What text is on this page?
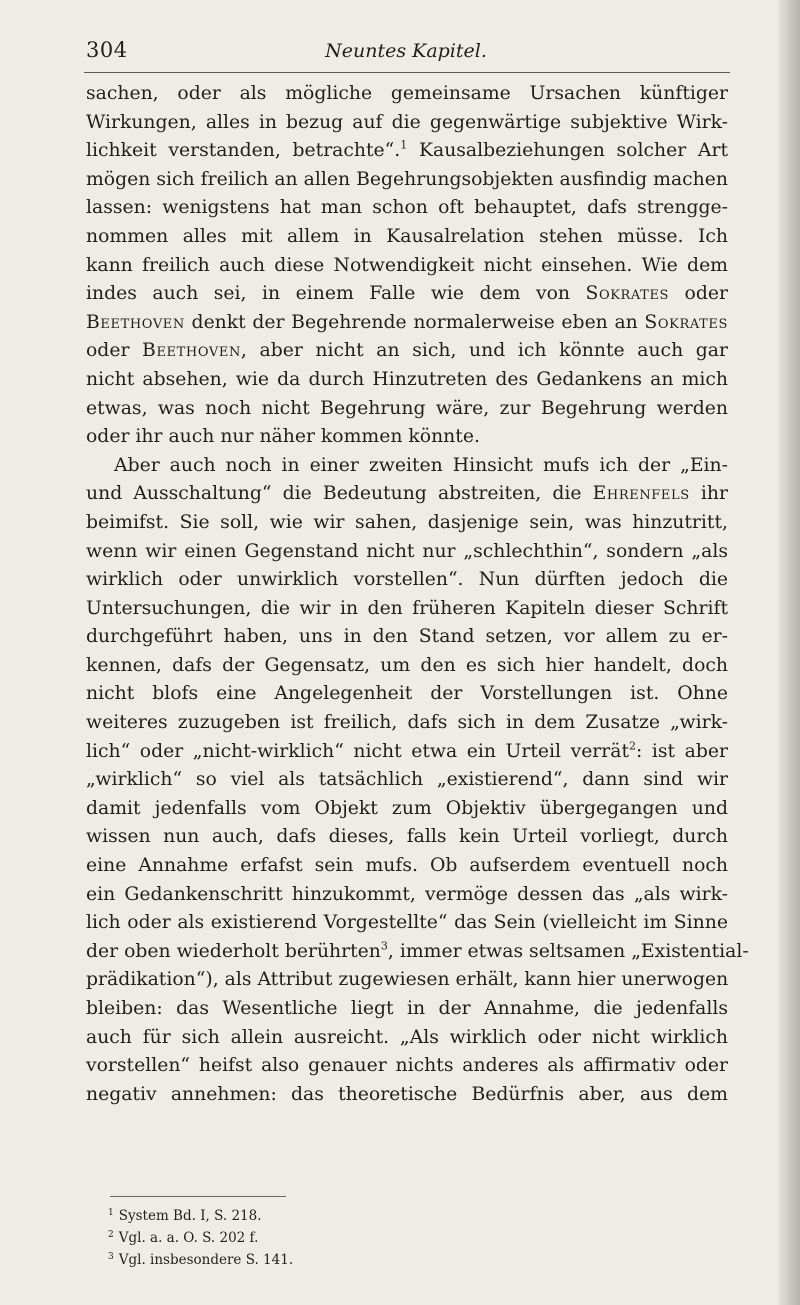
304	Neuntes Kapitel.
sachen, oder als mögliche gemeinsame Ursachen künftiger
Wirkungen, alles in bezug auf die gegenwärtige subjektive Wirk-
lichkeit verstanden, betrachte“.$^1$ Kausalbeziehungen solcher Art
mögen sich freilich an allen Begehrungsobjekten ausfindig machen
lassen: wenigstens hat man schon oft behauptet, dafs strengge-
nommen alles mit allem in Kausalrelation stehen müsse. Ich
kann freilich auch diese Notwendigkeit nicht einsehen. Wie dem
indes auch sei, in einem Falle wie dem von Sokrates oder
Beethoven denkt der Begehrende normalerweise eben an Sokrates
oder Beethoven, aber nicht an sich, und ich könnte auch gar
nicht absehen, wie da durch Hinzutreten des Gedankens an mich
etwas, was noch nicht Begehrung wäre, zur Begehrung werden
oder ihr auch nur näher kommen könnte.
Aber auch noch in einer zweiten Hinsicht mufs ich der „Ein-
und Ausschaltung“ die Bedeutung abstreiten, die Ehrenfels ihr
beimifst. Sie soll, wie wir sahen, dasjenige sein, was hinzutritt,
wenn wir einen Gegenstand nicht nur „schlechthin“, sondern „als
wirklich oder unwirklich vorstellen“. Nun dürften jedoch die
Untersuchungen, die wir in den früheren Kapiteln dieser Schrift
durchgeführt haben, uns in den Stand setzen, vor allem zu er-
kennen, dafs der Gegensatz, um den es sich hier handelt, doch
nicht blofs eine Angelegenheit der Vorstellungen ist. Ohne
weiteres zuzugeben ist freilich, dafs sich in dem Zusatze „wirk-
lich“ oder „nicht-wirklich“ nicht etwa ein Urteil verrät$^2$: ist aber
„wirklich“ so viel als tatsächlich „existierend“, dann sind wir
damit jedenfalls vom Objekt zum Objektiv übergegangen und
wissen nun auch, dafs dieses, falls kein Urteil vorliegt, durch
eine Annahme erfafst sein mufs. Ob aufserdem eventuell noch
ein Gedankenschritt hinzukommt, vermöge dessen das „als wirk-
lich oder als existierend Vorgestellte“ das Sein (vielleicht im Sinne
der oben wiederholt berührten$^3$, immer etwas seltsamen „Existential-
prädikation“), als Attribut zugewiesen erhält, kann hier unerwogen
bleiben: das Wesentliche liegt in der Annahme, die jedenfalls
auch für sich allein ausreicht. „Als wirklich oder nicht wirklich
vorstellen“ heifst also genauer nichts anderes als affirmativ oder
negativ annehmen: das theoretische Bedürfnis aber, aus dem
$^1$ System Bd. I, S. 218.
$^2$ Vgl. a. a. O. S. 202 f.
$^3$ Vgl. insbesondere S. 141.
